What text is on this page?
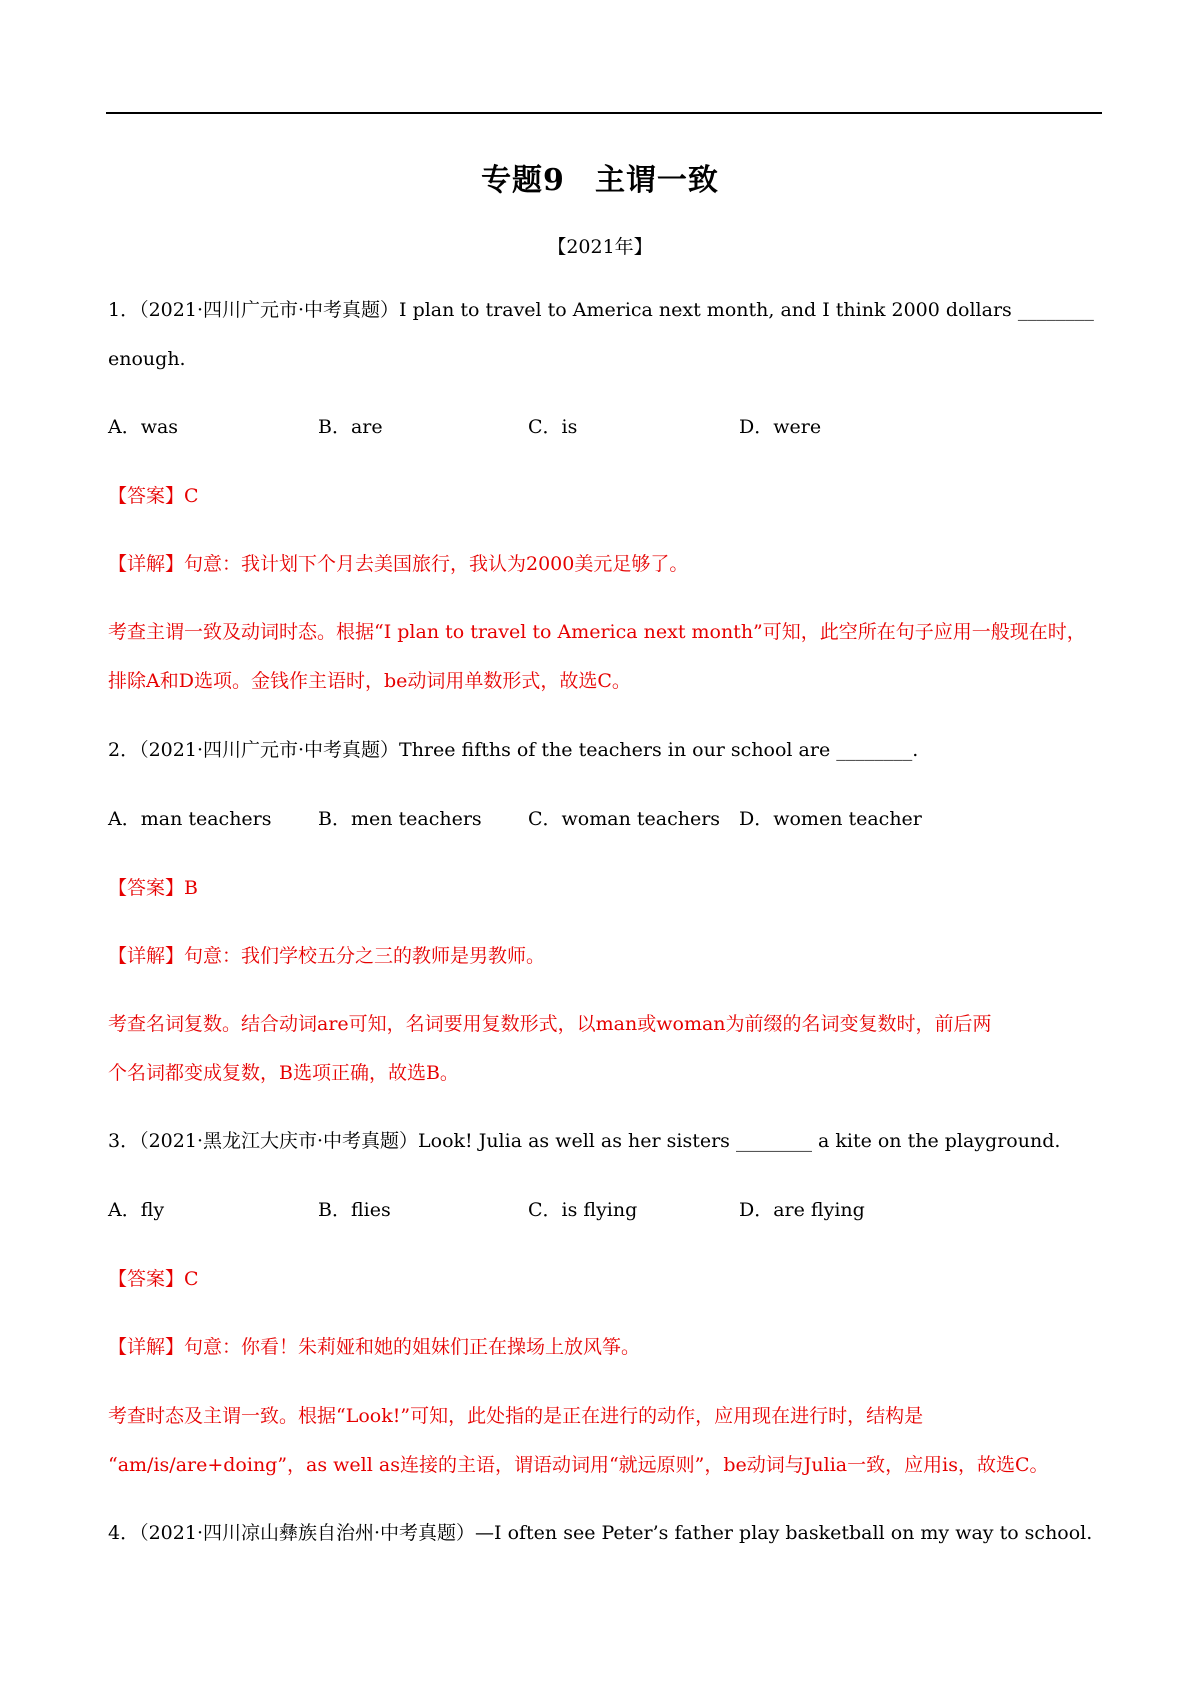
专题9 主谓一致
【2021年】
1．（2021·四川广元市·中考真题）I plan to travel to America next month, and I think 2000 dollars ________
enough.
A．was	B．are	C．is	D．were
【答案】C
【详解】句意：我计划下个月去美国旅行，我认为2000美元足够了。
考查主谓一致及动词时态。根据“I plan to travel to America next month”可知，此空所在句子应用一般现在时，
排除A和D选项。金钱作主语时，be动词用单数形式，故选C。
2．（2021·四川广元市·中考真题）Three fifths of the teachers in our school are ________.
A．man teachers B．men teachers C．woman teachers D．women teacher
【答案】B
【详解】句意：我们学校五分之三的教师是男教师。
考查名词复数。结合动词are可知，名词要用复数形式，以man或woman为前缀的名词变复数时，前后两
个名词都变成复数，B选项正确，故选B。
3．（2021·黑龙江大庆市·中考真题）Look! Julia as well as her sisters ________ a kite on the playground.
A．fly	B．flies	C．is flying	D．are flying
【答案】C
【详解】句意：你看！朱莉娅和她的姐妹们正在操场上放风筝。
考查时态及主谓一致。根据“Look!”可知，此处指的是正在进行的动作，应用现在进行时，结构是
“am/is/are+doing”，as well as连接的主语，谓语动词用“就远原则”，be动词与Julia一致，应用is，故选C。
4．（2021·四川凉山彝族自治州·中考真题）—I often see Peter’s father play basketball on my way to school.
